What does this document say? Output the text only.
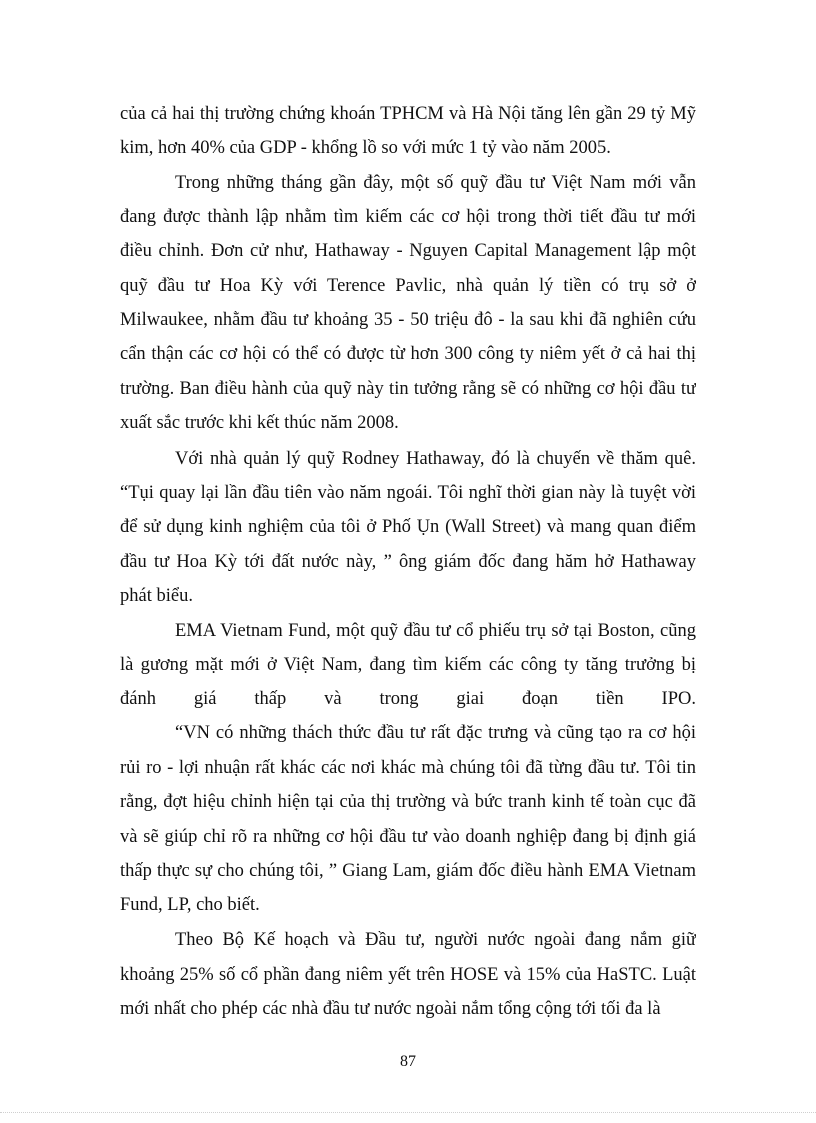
của cả hai thị trường chứng khoán TPHCM và Hà Nội tăng lên gần 29 tỷ Mỹ
kim, hơn 40% của GDP - khổng lồ so với mức 1 tỷ vào năm 2005.
Trong những tháng gần đây, một số quỹ đầu tư Việt Nam mới vẫn
đang được thành lập nhằm tìm kiếm các cơ hội trong thời tiết đầu tư mới
điều chỉnh. Đơn cử như, Hathaway - Nguyen Capital Management lập một
quỹ đầu tư Hoa Kỳ với Terence Pavlic, nhà quản lý tiền có trụ sở ở
Milwaukee, nhằm đầu tư khoảng 35 - 50 triệu đô - la sau khi đã nghiên cứu
cẩn thận các cơ hội có thể có được từ hơn 300 công ty niêm yết ở cả hai thị
trường. Ban điều hành của quỹ này tin tưởng rằng sẽ có những cơ hội đầu tư
xuất sắc trước khi kết thúc năm 2008.
Với nhà quản lý quỹ Rodney Hathaway, đó là chuyến về thăm quê.
“Tụi quay lại lần đầu tiên vào năm ngoái. Tôi nghĩ thời gian này là tuyệt vời
để sử dụng kinh nghiệm của tôi ở Phố Ụn (Wall Street) và mang quan điểm
đầu tư Hoa Kỳ tới đất nước này, ” ông giám đốc đang hăm hở Hathaway
phát biểu.
EMA Vietnam Fund, một quỹ đầu tư cổ phiếu trụ sở tại Boston, cũng
là gương mặt mới ở Việt Nam, đang tìm kiếm các công ty tăng trưởng bị
đánh giá thấp và trong giai đoạn tiền IPO.
“VN có những thách thức đầu tư rất đặc trưng và cũng tạo ra cơ hội
rủi ro - lợi nhuận rất khác các nơi khác mà chúng tôi đã từng đầu tư. Tôi tin
rằng, đợt hiệu chỉnh hiện tại của thị trường và bức tranh kinh tế toàn cục đã
và sẽ giúp chỉ rõ ra những cơ hội đầu tư vào doanh nghiệp đang bị định giá
thấp thực sự cho chúng tôi, ” Giang Lam, giám đốc điều hành EMA Vietnam
Fund, LP, cho biết.
Theo Bộ Kế hoạch và Đầu tư, người nước ngoài đang nắm giữ
khoảng 25% số cổ phần đang niêm yết trên HOSE và 15% của HaSTC. Luật
mới nhất cho phép các nhà đầu tư nước ngoài nắm tổng cộng tới tối đa là
87
